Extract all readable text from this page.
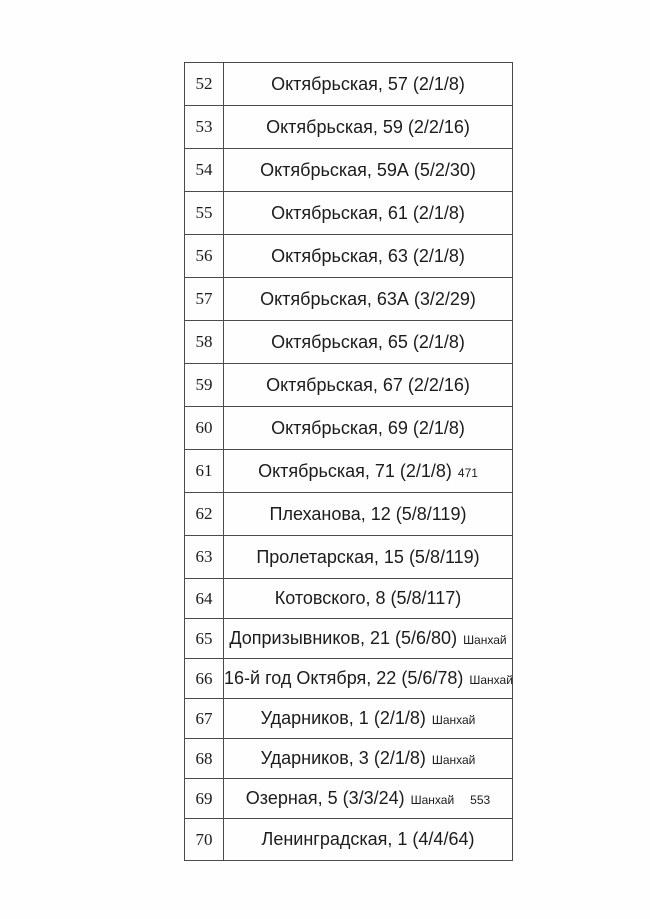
52	Октябрьская, 57 (2/1/8)
53	Октябрьская, 59 (2/2/16)
54	Октябрьская, 59А (5/2/30)
55	Октябрьская, 61 (2/1/8)
56	Октябрьская, 63 (2/1/8)
57	Октябрьская, 63А (3/2/29)
58	Октябрьская, 65 (2/1/8)
59	Октябрьская, 67 (2/2/16)
60	Октябрьская, 69 (2/1/8)
61	Октябрьская, 71 (2/1/8) 471
62	Плеханова, 12 (5/8/119)
63	Пролетарская, 15 (5/8/119)
64	Котовского, 8 (5/8/117)
65	Допризывников, 21 (5/6/80) Шанхай
66	16-й год Октября, 22 (5/6/78) Шанхай
67	Ударников, 1 (2/1/8) Шанхай
68	Ударников, 3 (2/1/8) Шанхай
69	Озерная, 5 (3/3/24) Шанхай 553
70	Ленинградская, 1 (4/4/64)
